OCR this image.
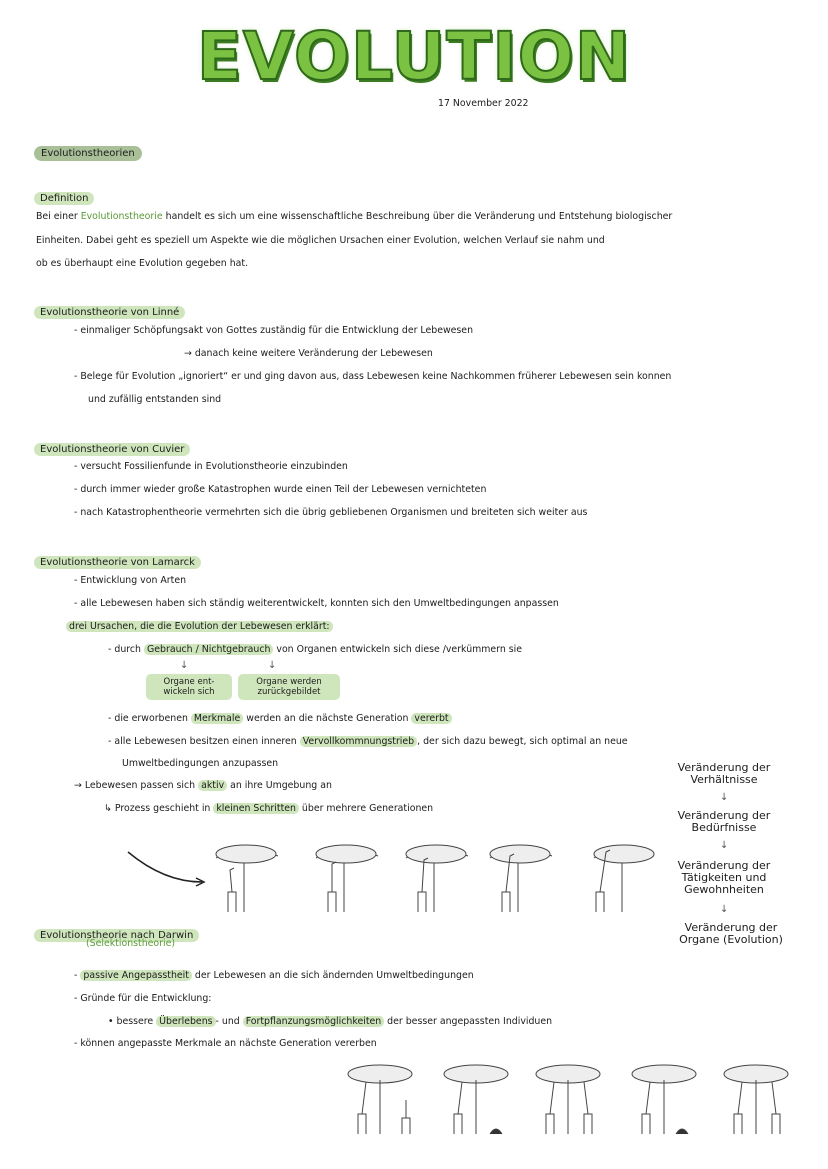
EVOLUTION
17 November 2022
Evolutionstheorien
Definition
Bei einer Evolutionstheorie handelt es sich um eine wissenschaftliche Beschreibung über die Veränderung und Entstehung biologischer
Einheiten. Dabei geht es speziell um Aspekte wie die möglichen Ursachen einer Evolution, welchen Verlauf sie nahm und
ob es überhaupt eine Evolution gegeben hat.
Evolutionstheorie von Linné
- einmaliger Schöpfungsakt von Gottes zuständig für die Entwicklung der Lebewesen
→ danach keine weitere Veränderung der Lebewesen
- Belege für Evolution „ignoriert“ er und ging davon aus, dass Lebewesen keine Nachkommen früherer Lebewesen sein konnen
und zufällig entstanden sind
Evolutionstheorie von Cuvier
- versucht Fossilienfunde in Evolutionstheorie einzubinden
- durch immer wieder große Katastrophen wurde einen Teil der Lebewesen vernichteten
- nach Katastrophentheorie vermehrten sich die übrig gebliebenen Organismen und breiteten sich weiter aus
Evolutionstheorie von Lamarck
- Entwicklung von Arten
- alle Lebewesen haben sich ständig weiterentwickelt, konnten sich den Umweltbedingungen anpassen
drei Ursachen, die die Evolution der Lebewesen erklärt:
- durch Gebrauch / Nichtgebrauch von Organen entwickeln sich diese /verkümmern sie
↓	↓
Organe ent-
wickeln sich
Organe werden
zurückgebildet
- die erworbenen Merkmale werden an die nächste Generation vererbt
- alle Lebewesen besitzen einen inneren Vervollkommnungstrieb , der sich dazu bewegt, sich optimal an neue
Umweltbedingungen anzupassen
→ Lebewesen passen sich aktiv an ihre Umgebung an
↳ Prozess geschieht in kleinen Schritten über mehrere Generationen
Veränderung der
Verhältnisse
↓
Veränderung der
Bedürfnisse
↓
Veränderung der
Tätigkeiten und
Gewohnheiten
↓
Veränderung der
Organe (Evolution)
Evolutionstheorie nach Darwin
(Selektionstheorie)
- passive Angepasstheit der Lebewesen an die sich ändernden Umweltbedingungen
- Gründe für die Entwicklung:
• bessere Überlebens - und Fortpflanzungsmöglichkeiten der besser angepassten Individuen
- können angepasste Merkmale an nächste Generation vererben
